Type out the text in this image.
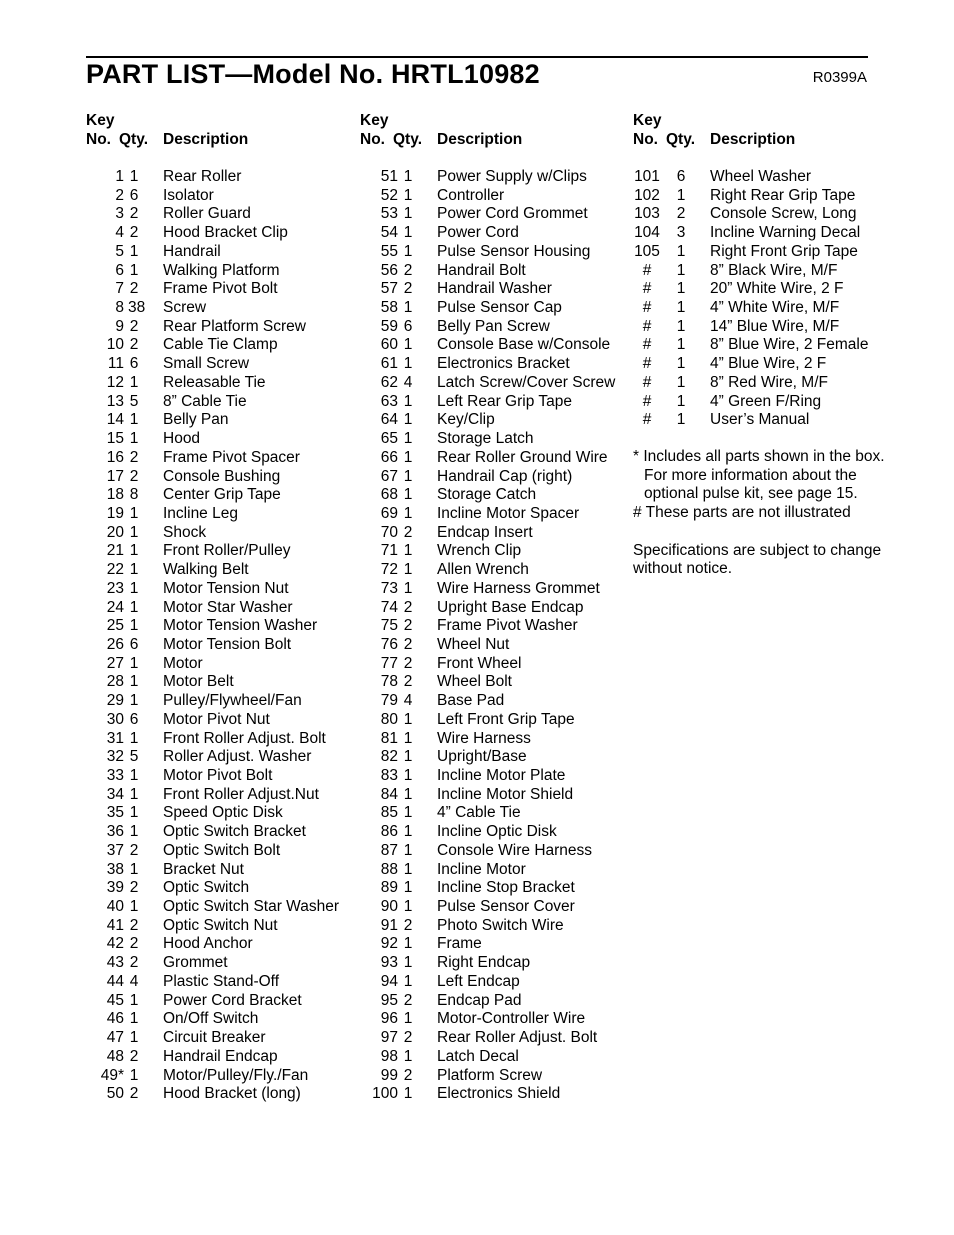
PART LIST—Model No. HRTL10982	R0399A
Key
No. Qty. Description
1 1 Rear Roller
2 6 Isolator
3 2 Roller Guard
4 2 Hood Bracket Clip
5 1 Handrail
6 1 Walking Platform
7 2 Frame Pivot Bolt
8 38 Screw
9 2 Rear Platform Screw
10 2 Cable Tie Clamp
11 6 Small Screw
12 1 Releasable Tie
13 5 8” Cable Tie
14 1 Belly Pan
15 1 Hood
16 2 Frame Pivot Spacer
17 2 Console Bushing
18 8 Center Grip Tape
19 1 Incline Leg
20 1 Shock
21 1 Front Roller/Pulley
22 1 Walking Belt
23 1 Motor Tension Nut
24 1 Motor Star Washer
25 1 Motor Tension Washer
26 6 Motor Tension Bolt
27 1 Motor
28 1 Motor Belt
29 1 Pulley/Flywheel/Fan
30 6 Motor Pivot Nut
31 1 Front Roller Adjust. Bolt
32 5 Roller Adjust. Washer
33 1 Motor Pivot Bolt
34 1 Front Roller Adjust.Nut
35 1 Speed Optic Disk
36 1 Optic Switch Bracket
37 2 Optic Switch Bolt
38 1 Bracket Nut
39 2 Optic Switch
40 1 Optic Switch Star Washer
41 2 Optic Switch Nut
42 2 Hood Anchor
43 2 Grommet
44 4 Plastic Stand-Off
45 1 Power Cord Bracket
46 1 On/Off Switch
47 1 Circuit Breaker
48 2 Handrail Endcap
49* 1 Motor/Pulley/Fly./Fan
50 2 Hood Bracket (long)
Key
No. Qty. Description
51 1 Power Supply w/Clips
52 1 Controller
53 1 Power Cord Grommet
54 1 Power Cord
55 1 Pulse Sensor Housing
56 2 Handrail Bolt
57 2 Handrail Washer
58 1 Pulse Sensor Cap
59 6 Belly Pan Screw
60 1 Console Base w/Console
61 1 Electronics Bracket
62 4 Latch Screw/Cover Screw
63 1 Left Rear Grip Tape
64 1 Key/Clip
65 1 Storage Latch
66 1 Rear Roller Ground Wire
67 1 Handrail Cap (right)
68 1 Storage Catch
69 1 Incline Motor Spacer
70 2 Endcap Insert
71 1 Wrench Clip
72 1 Allen Wrench
73 1 Wire Harness Grommet
74 2 Upright Base Endcap
75 2 Frame Pivot Washer
76 2 Wheel Nut
77 2 Front Wheel
78 2 Wheel Bolt
79 4 Base Pad
80 1 Left Front Grip Tape
81 1 Wire Harness
82 1 Upright/Base
83 1 Incline Motor Plate
84 1 Incline Motor Shield
85 1 4” Cable Tie
86 1 Incline Optic Disk
87 1 Console Wire Harness
88 1 Incline Motor
89 1 Incline Stop Bracket
90 1 Pulse Sensor Cover
91 2 Photo Switch Wire
92 1 Frame
93 1 Right Endcap
94 1 Left Endcap
95 2 Endcap Pad
96 1 Motor-Controller Wire
97 2 Rear Roller Adjust. Bolt
98 1 Latch Decal
99 2 Platform Screw
100 1 Electronics Shield
Key
No. Qty. Description
101 6 Wheel Washer
102 1 Right Rear Grip Tape
103 2 Console Screw, Long
104 3 Incline Warning Decal
105 1 Right Front Grip Tape
#	1 8” Black Wire, M/F
#	1 20” White Wire, 2 F
#	1 4” White Wire, M/F
#	1 14” Blue Wire, M/F
#	1 8” Blue Wire, 2 Female
#	1 4” Blue Wire, 2 F
#	1 8” Red Wire, M/F
#	1 4” Green F/Ring
#	1 User’s Manual
* Includes all parts shown in the box.
For more information about the
optional pulse kit, see page 15.
# These parts are not illustrated
Specifications are subject to change
without notice.
